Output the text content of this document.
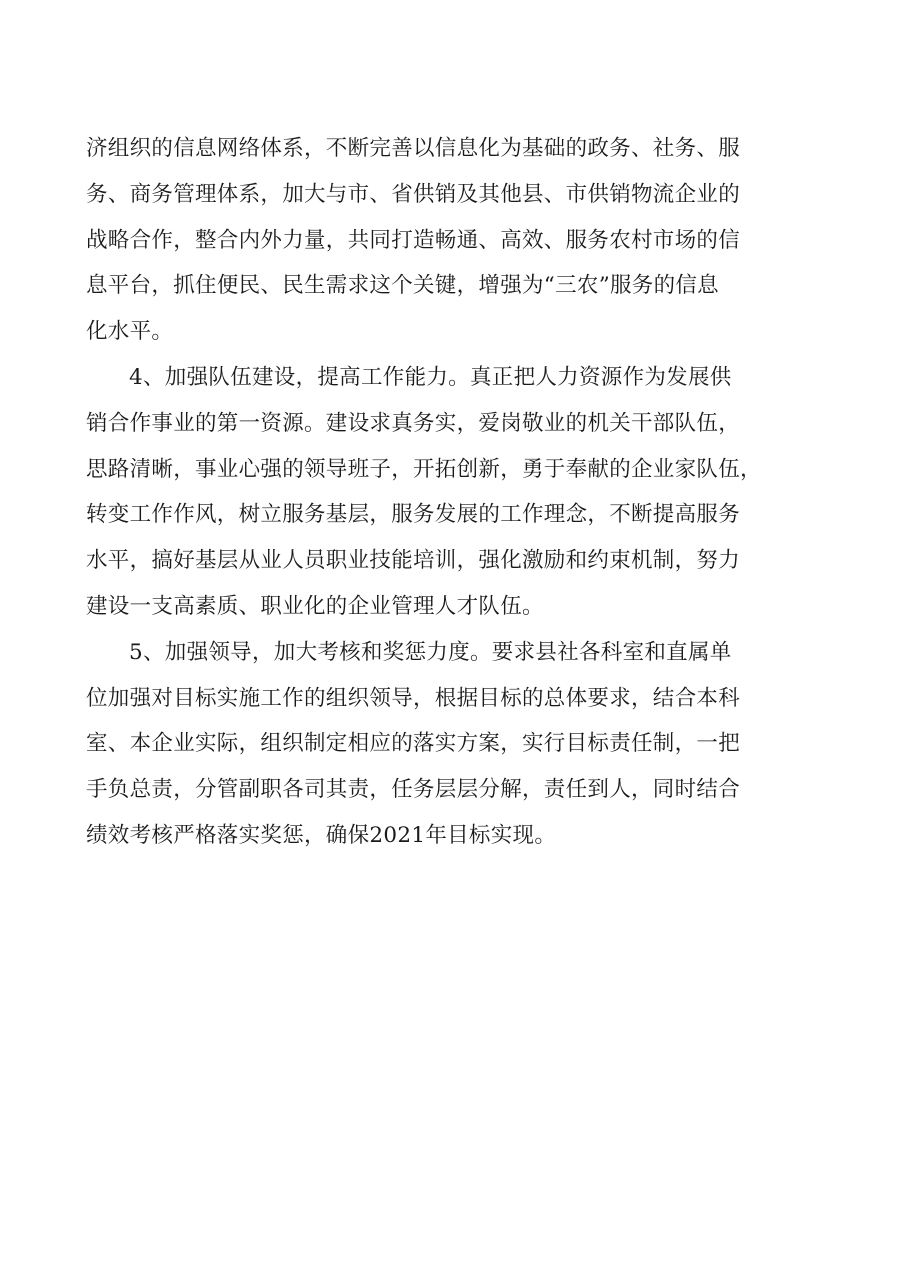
济组织的信息网络体系，不断完善以信息化为基础的政务、社务、服
务、商务管理体系，加大与市、省供销及其他县、市供销物流企业的
战略合作，整合内外力量，共同打造畅通、高效、服务农村市场的信
息平台，抓住便民、民生需求这个关键，增强为“三农”服务的信息
化水平。
4、加强队伍建设，提高工作能力。真正把人力资源作为发展供
销合作事业的第一资源。建设求真务实，爱岗敬业的机关干部队伍，
思路清晰，事业心强的领导班子，开拓创新，勇于奉献的企业家队伍，
转变工作作风，树立服务基层，服务发展的工作理念，不断提高服务
水平，搞好基层从业人员职业技能培训，强化激励和约束机制，努力
建设一支高素质、职业化的企业管理人才队伍。
5、加强领导，加大考核和奖惩力度。要求县社各科室和直属单
位加强对目标实施工作的组织领导，根据目标的总体要求，结合本科
室、本企业实际，组织制定相应的落实方案，实行目标责任制，一把
手负总责，分管副职各司其责，任务层层分解，责任到人，同时结合
绩效考核严格落实奖惩，确保2021年目标实现。
